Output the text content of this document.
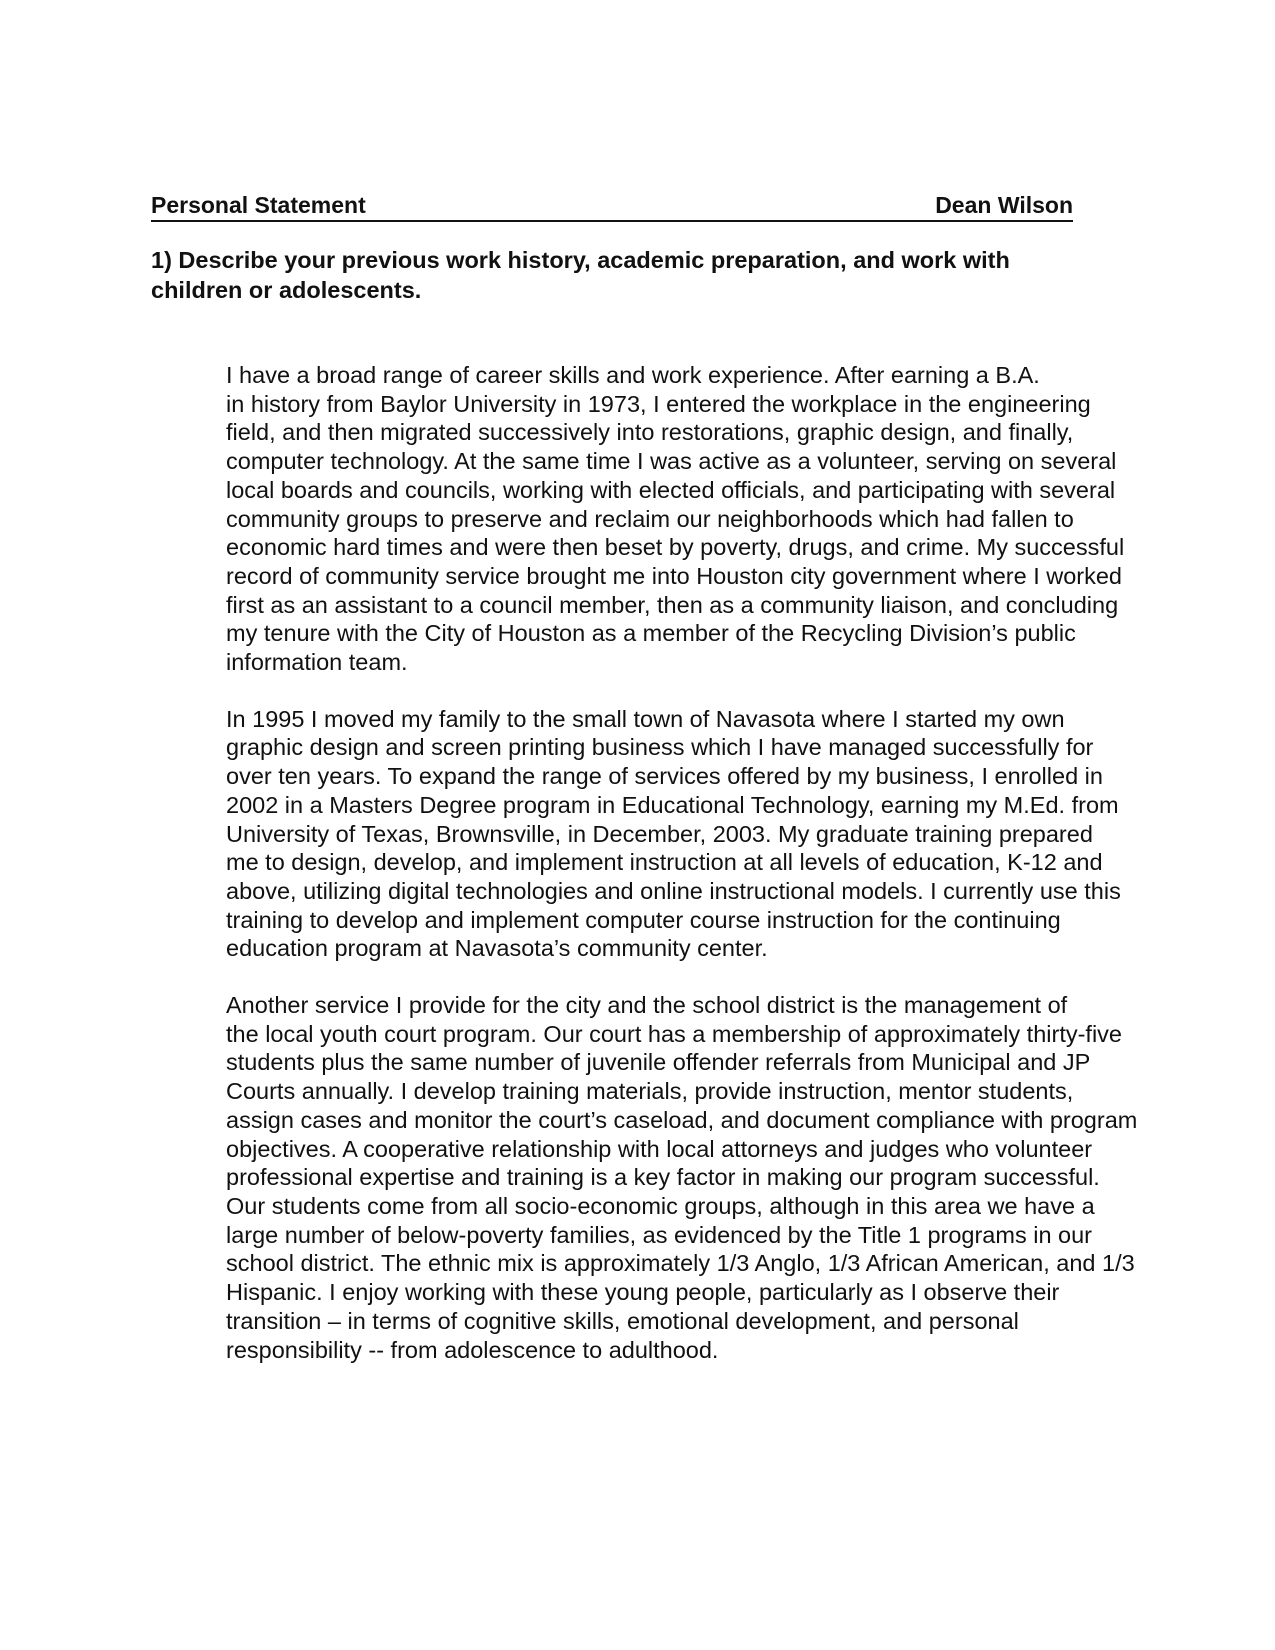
Personal Statement	Dean Wilson
1) Describe your previous work history, academic preparation, and work with
children or adolescents.

I have a broad range of career skills and work experience. After earning a B.A.
in history from Baylor University in 1973, I entered the workplace in the engineering
field, and then migrated successively into restorations, graphic design, and finally,
computer technology. At the same time I was active as a volunteer, serving on several
local boards and councils, working with elected officials, and participating with several
community groups to preserve and reclaim our neighborhoods which had fallen to
economic hard times and were then beset by poverty, drugs, and crime. My successful
record of community service brought me into Houston city government where I worked
first as an assistant to a council member, then as a community liaison, and concluding
my tenure with the City of Houston as a member of the Recycling Division’s public
information team.

In 1995 I moved my family to the small town of Navasota where I started my own
graphic design and screen printing business which I have managed successfully for
over ten years. To expand the range of services offered by my business, I enrolled in
2002 in a Masters Degree program in Educational Technology, earning my M.Ed. from
University of Texas, Brownsville, in December, 2003. My graduate training prepared
me to design, develop, and implement instruction at all levels of education, K-12 and
above, utilizing digital technologies and online instructional models. I currently use this
training to develop and implement computer course instruction for the continuing
education program at Navasota’s community center.

Another service I provide for the city and the school district is the management of
the local youth court program. Our court has a membership of approximately thirty-five
students plus the same number of juvenile offender referrals from Municipal and JP
Courts annually. I develop training materials, provide instruction, mentor students,
assign cases and monitor the court’s caseload, and document compliance with program
objectives. A cooperative relationship with local attorneys and judges who volunteer
professional expertise and training is a key factor in making our program successful.
Our students come from all socio-economic groups, although in this area we have a
large number of below-poverty families, as evidenced by the Title 1 programs in our
school district. The ethnic mix is approximately 1/3 Anglo, 1/3 African American, and 1/3
Hispanic. I enjoy working with these young people, particularly as I observe their
transition – in terms of cognitive skills, emotional development, and personal
responsibility -- from adolescence to adulthood.
